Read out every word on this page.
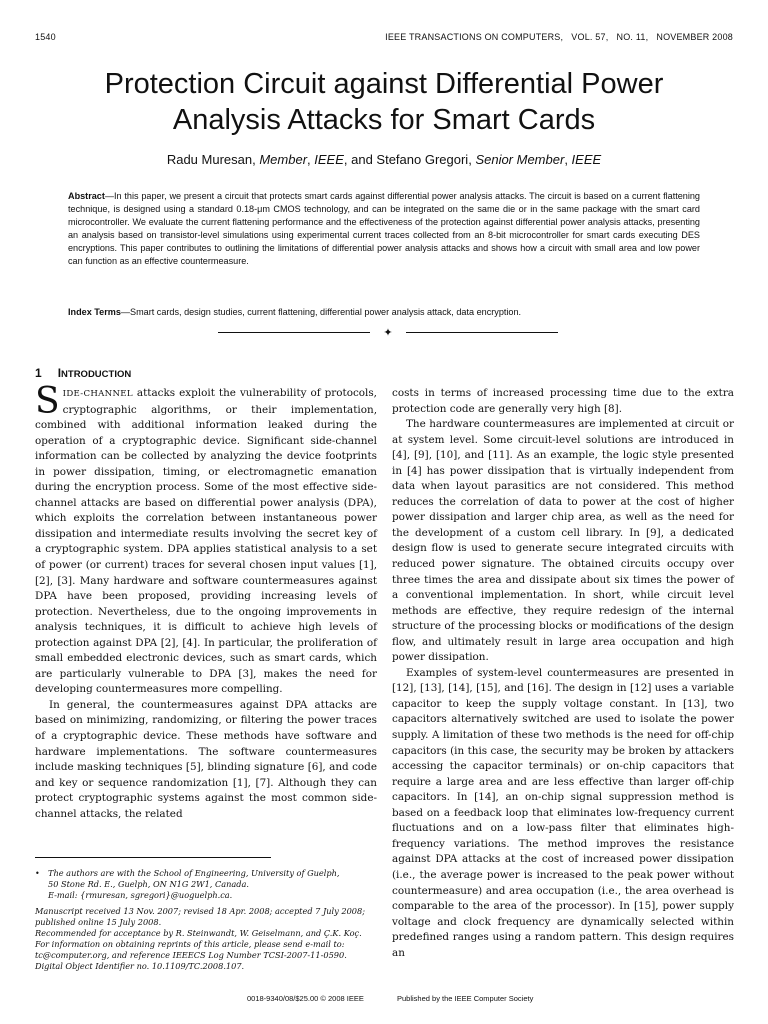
1540	IEEE TRANSACTIONS ON COMPUTERS,   VOL. 57,   NO. 11,   NOVEMBER 2008
Protection Circuit against Differential Power
Analysis Attacks for Smart Cards
Radu Muresan, Member, IEEE, and Stefano Gregori, Senior Member, IEEE
Abstract—In this paper, we present a circuit that protects smart cards against differential power analysis attacks. The circuit is based on a current flattening technique, is designed using a standard 0.18-μm CMOS technology, and can be integrated on the same die or in the same package with the smart card microcontroller. We evaluate the current flattening performance and the effectiveness of the protection against differential power analysis attacks, presenting an analysis based on transistor-level simulations using experimental current traces collected from an 8-bit microcontroller for smart cards executing DES encryptions. This paper contributes to outlining the limitations of differential power analysis attacks and shows how a circuit with small area and low power can function as an effective countermeasure.
Index Terms—Smart cards, design studies, current flattening, differential power analysis attack, data encryption.
✦
1 INTRODUCTION

SIDE-CHANNEL attacks exploit the vulnerability of protocols, cryptographic algorithms, or their implementation, combined with additional information leaked during the operation of a cryptographic device. Significant side-channel information can be collected by analyzing the device footprints in power dissipation, timing, or electromagnetic emanation during the encryption process. Some of the most effective side-channel attacks are based on differential power analysis (DPA), which exploits the correlation between instantaneous power dissipation and intermediate results involving the secret key of a cryptographic system. DPA applies statistical analysis to a set of power (or current) traces for several chosen input values [1], [2], [3]. Many hardware and software countermeasures against DPA have been proposed, providing increasing levels of protection. Nevertheless, due to the ongoing improvements in analysis techniques, it is difficult to achieve high levels of protection against DPA [2], [4]. In particular, the proliferation of small embedded electronic devices, such as smart cards, which are particularly vulnerable to DPA [3], makes the need for developing countermeasures more compelling.

In general, the countermeasures against DPA attacks are based on minimizing, randomizing, or filtering the power traces of a cryptographic device. These methods have software and hardware implementations. The software countermeasures include masking techniques [5], blinding signature [6], and code and key or sequence randomization [1], [7]. Although they can protect cryptographic systems against the most common side-channel attacks, the related

• The authors are with the School of Engineering, University of Guelph,
50 Stone Rd. E., Guelph, ON N1G 2W1, Canada.
E-mail: {rmuresan, sgregori}@uoguelph.ca.
Manuscript received 13 Nov. 2007; revised 18 Apr. 2008; accepted 7 July 2008; published online 15 July 2008.
Recommended for acceptance by R. Steinwandt, W. Geiselmann, and Ç.K. Koç.
For information on obtaining reprints of this article, please send e-mail to: tc@computer.org, and reference IEEECS Log Number TCSI-2007-11-0590.
Digital Object Identifier no. 10.1109/TC.2008.107.

costs in terms of increased processing time due to the extra protection code are generally very high [8].

The hardware countermeasures are implemented at circuit or at system level. Some circuit-level solutions are introduced in [4], [9], [10], and [11]. As an example, the logic style presented in [4] has power dissipation that is virtually independent from data when layout parasitics are not considered. This method reduces the correlation of data to power at the cost of higher power dissipation and larger chip area, as well as the need for the development of a custom cell library. In [9], a dedicated design flow is used to generate secure integrated circuits with reduced power signature. The obtained circuits occupy over three times the area and dissipate about six times the power of a conventional implementation. In short, while circuit level methods are effective, they require redesign of the internal structure of the processing blocks or modifications of the design flow, and ultimately result in large area occupation and high power dissipation.

Examples of system-level countermeasures are presented in [12], [13], [14], [15], and [16]. The design in [12] uses a variable capacitor to keep the supply voltage constant. In [13], two capacitors alternatively switched are used to isolate the power supply. A limitation of these two methods is the need for off-chip capacitors (in this case, the security may be broken by attackers accessing the capacitor terminals) or on-chip capacitors that require a large area and are less effective than larger off-chip capacitors. In [14], an on-chip signal suppression method is based on a feedback loop that eliminates low-frequency current fluctuations and on a low-pass filter that eliminates high-frequency variations. The method improves the resistance against DPA attacks at the cost of increased power dissipation (i.e., the average power is increased to the peak power without countermeasure) and area occupation (i.e., the area overhead is comparable to the area of the processor). In [15], power supply voltage and clock frequency are dynamically selected within predefined ranges using a random pattern. This design requires an

0018-9340/08/$25.00 © 2008 IEEE	Published by the IEEE Computer Society
